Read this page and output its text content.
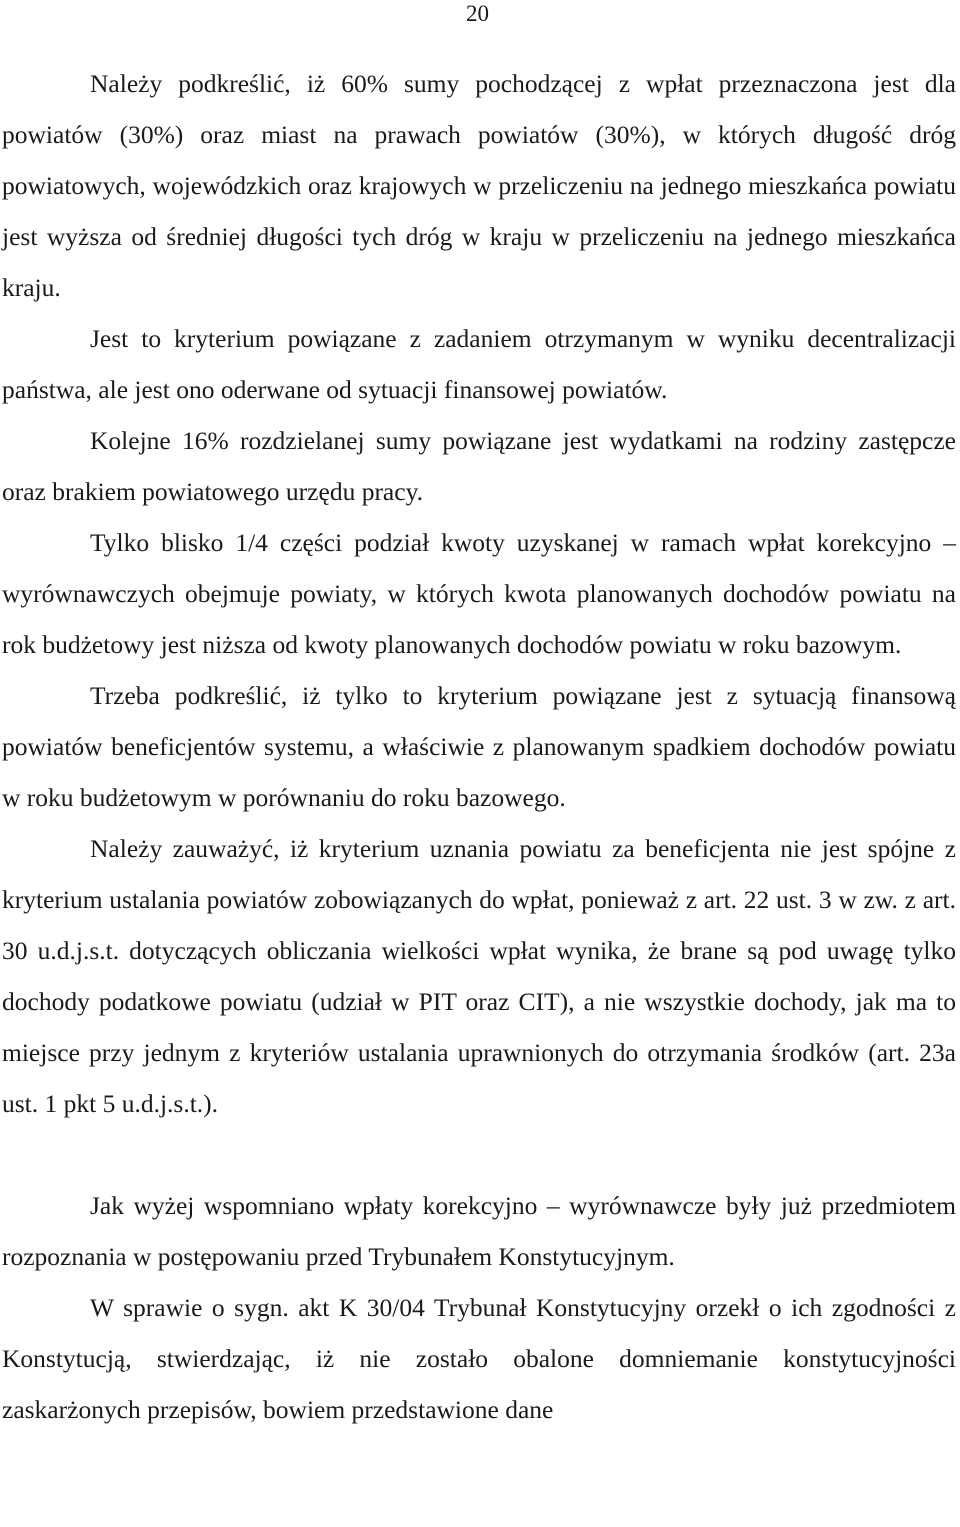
20

Należy podkreślić, iż 60% sumy pochodzącej z wpłat przeznaczona jest dla powiatów (30%) oraz miast na prawach powiatów (30%), w których długość dróg powiatowych, wojewódzkich oraz krajowych w przeliczeniu na jednego mieszkańca powiatu jest wyższa od średniej długości tych dróg w kraju w przeliczeniu na jednego mieszkańca kraju.

Jest to kryterium powiązane z zadaniem otrzymanym w wyniku decentralizacji państwa, ale jest ono oderwane od sytuacji finansowej powiatów.

Kolejne 16% rozdzielanej sumy powiązane jest wydatkami na rodziny zastępcze oraz brakiem powiatowego urzędu pracy.

Tylko blisko 1/4 części podział kwoty uzyskanej w ramach wpłat korekcyjno – wyrównawczych obejmuje powiaty, w których kwota planowanych dochodów powiatu na rok budżetowy jest niższa od kwoty planowanych dochodów powiatu w roku bazowym.

Trzeba podkreślić, iż tylko to kryterium powiązane jest z sytuacją finansową powiatów beneficjentów systemu, a właściwie z planowanym spadkiem dochodów powiatu w roku budżetowym w porównaniu do roku bazowego.

Należy zauważyć, iż kryterium uznania powiatu za beneficjenta nie jest spójne z kryterium ustalania powiatów zobowiązanych do wpłat, ponieważ z art. 22 ust. 3 w zw. z art. 30 u.d.j.s.t. dotyczących obliczania wielkości wpłat wynika, że brane są pod uwagę tylko dochody podatkowe powiatu (udział w PIT oraz CIT), a nie wszystkie dochody, jak ma to miejsce przy jednym z kryteriów ustalania uprawnionych do otrzymania środków (art. 23a ust. 1 pkt 5 u.d.j.s.t.).

Jak wyżej wspomniano wpłaty korekcyjno – wyrównawcze były już przedmiotem rozpoznania w postępowaniu przed Trybunałem Konstytucyjnym.

W sprawie o sygn. akt K 30/04 Trybunał Konstytucyjny orzekł o ich zgodności z Konstytucją, stwierdzając, iż nie zostało obalone domniemanie konstytucyjności zaskarżonych przepisów, bowiem przedstawione dane
